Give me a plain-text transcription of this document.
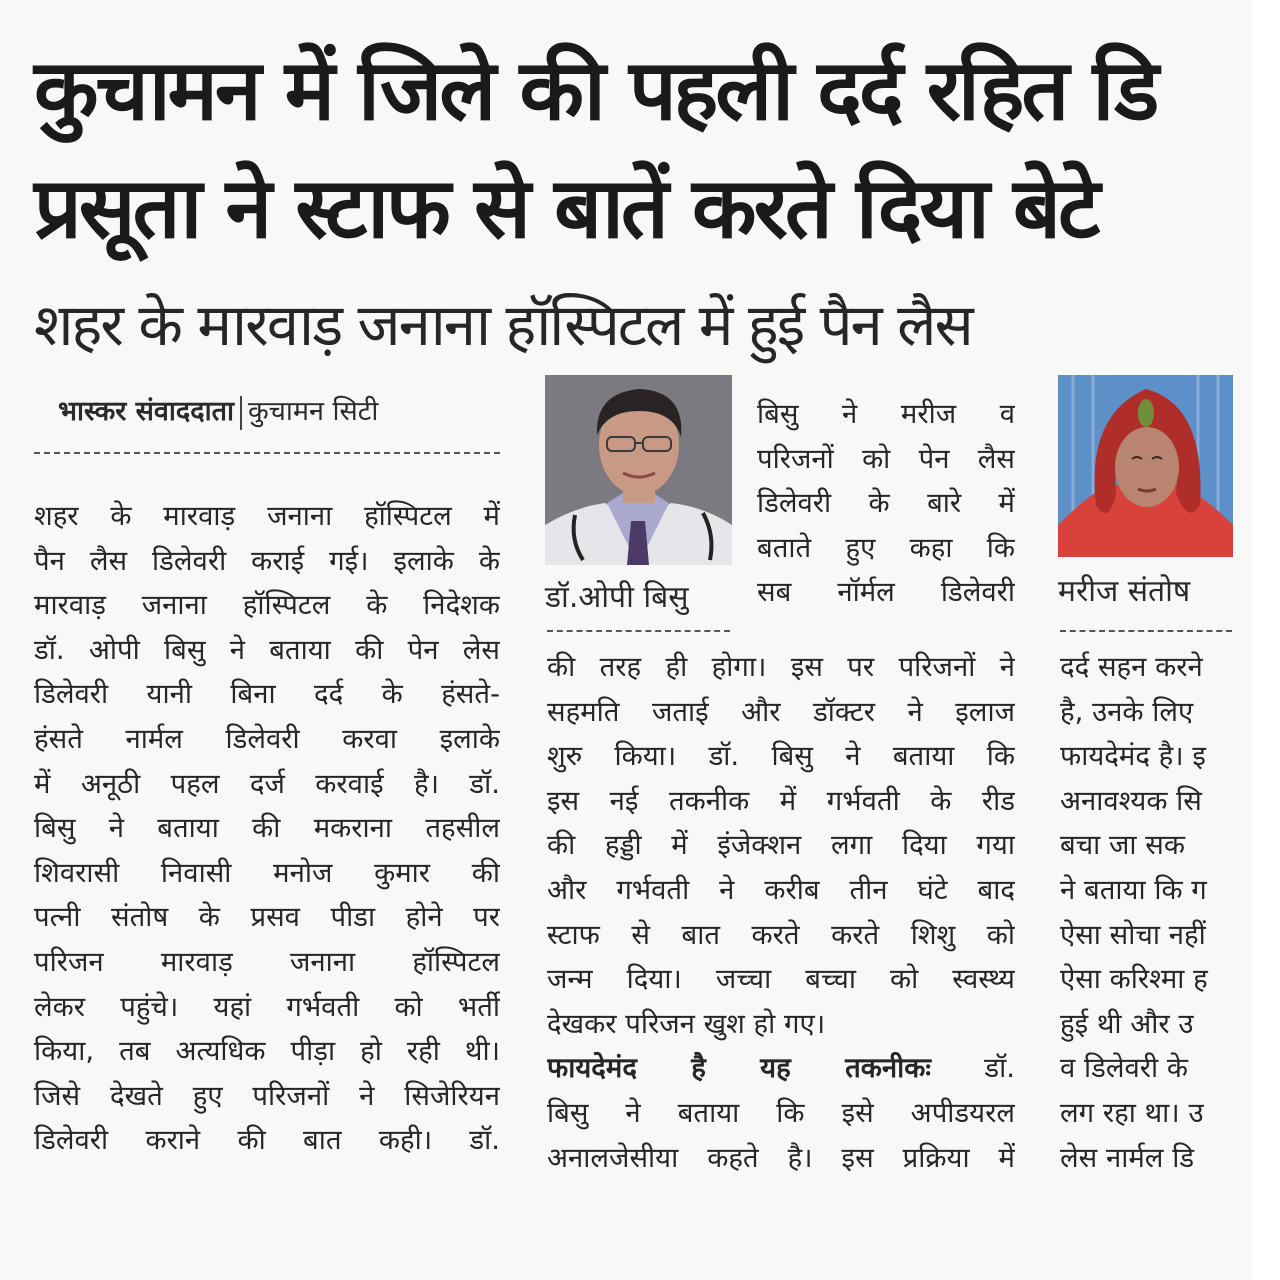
कुचामन में जिले की पहली दर्द रहित डि
प्रसूता ने स्टाफ से बातें करते दिया बेटे
शहर के मारवाड़ जनाना हॉस्पिटल में हुई पैन लैस
भास्कर संवाददाता कुचामन सिटी
शहर के मारवाड़ जनाना हॉस्पिटल में
पैन लैस डिलेवरी कराई गई। इलाके के
मारवाड़ जनाना हॉस्पिटल के निदेशक
डॉ. ओपी बिसु ने बताया की पेन लेस
डिलेवरी यानी बिना दर्द के हंसते-
हंसते नार्मल डिलेवरी करवा इलाके
में अनूठी पहल दर्ज करवाई है। डॉ.
बिसु ने बताया की मकराना तहसील
शिवरासी निवासी मनोज कुमार की
पत्नी संतोष के प्रसव पीडा होने पर
परिजन मारवाड़ जनाना हॉस्पिटल
लेकर पहुंचे। यहां गर्भवती को भर्ती
किया, तब अत्यधिक पीड़ा हो रही थी।
जिसे देखते हुए परिजनों ने सिजेरियन
डिलेवरी कराने की बात कही। डॉ.
डॉ.ओपी बिसु
बिसु ने मरीज व
परिजनों को पेन लैस
डिलेवरी के बारे में
बताते हुए कहा कि
सब नॉर्मल डिलेवरी
की तरह ही होगा। इस पर परिजनों ने
सहमति जताई और डॉक्टर ने इलाज
शुरु किया। डॉ. बिसु ने बताया कि
इस नई तकनीक में गर्भवती के रीड
की हड्डी में इंजेक्शन लगा दिया गया
और गर्भवती ने करीब तीन घंटे बाद
स्टाफ से बात करते करते शिशु को
जन्म दिया। जच्चा बच्चा को स्वस्थ्य
देखकर परिजन खुश हो गए।
फायदेमंद है यह तकनीकः डॉ.
बिसु ने बताया कि इसे अपीडयरल
अनालजेसीया कहते है। इस प्रक्रिया में
मरीज संतोष
दर्द सहन करने
है, उनके लिए
फायदेमंद है। इ
अनावश्यक सि
बचा जा सक
ने बताया कि ग
ऐसा सोचा नहीं
ऐसा करिश्मा ह
हुई थी और उ
व डिलेवरी के
लग रहा था। उ
लेस नार्मल डि
